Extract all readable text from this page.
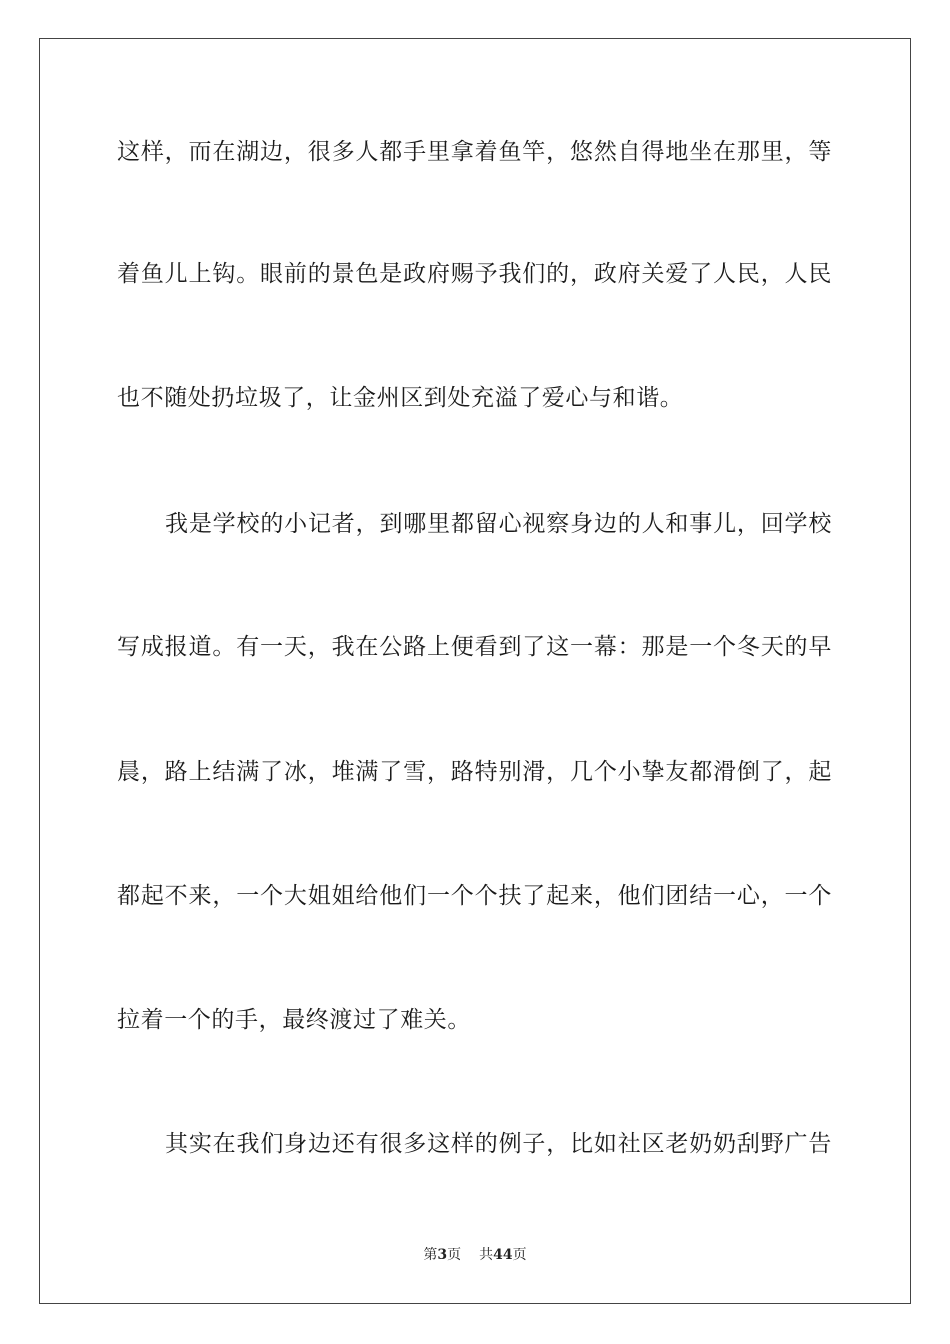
这样，而在湖边，很多人都手里拿着鱼竿，悠然自得地坐在那里，等
着鱼儿上钩。眼前的景色是政府赐予我们的，政府关爱了人民，人民
也不随处扔垃圾了，让金州区到处充溢了爱心与和谐。
我是学校的小记者，到哪里都留心视察身边的人和事儿，回学校
写成报道。有一天，我在公路上便看到了这一幕：那是一个冬天的早
晨，路上结满了冰，堆满了雪，路特别滑，几个小挚友都滑倒了，起
都起不来，一个大姐姐给他们一个个扶了起来，他们团结一心，一个
拉着一个的手，最终渡过了难关。
其实在我们身边还有很多这样的例子，比如社区老奶奶刮野广告
第3页 共44页
